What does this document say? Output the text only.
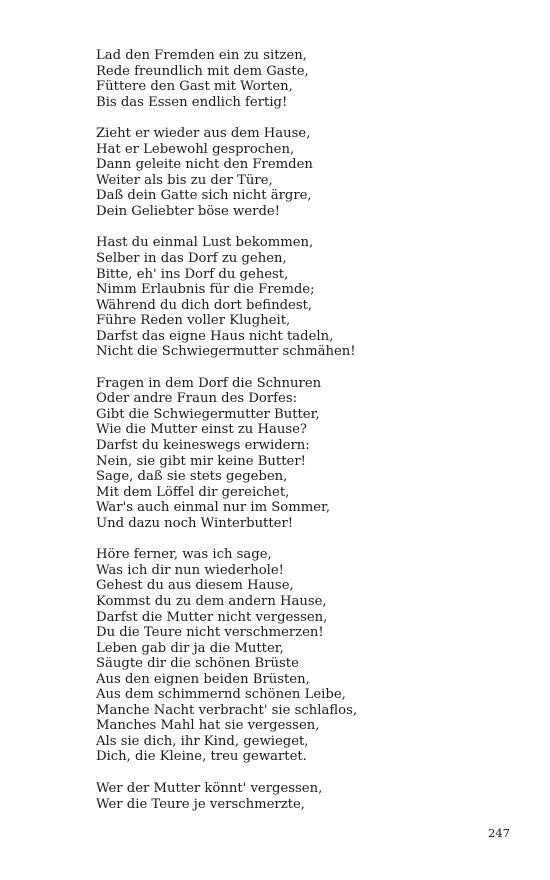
Lad den Fremden ein zu sitzen,
Rede freundlich mit dem Gaste,
Füttere den Gast mit Worten,
Bis das Essen endlich fertig!
Zieht er wieder aus dem Hause,
Hat er Lebewohl gesprochen,
Dann geleite nicht den Fremden
Weiter als bis zu der Türe,
Daß dein Gatte sich nicht ärgre,
Dein Geliebter böse werde!
Hast du einmal Lust bekommen,
Selber in das Dorf zu gehen,
Bitte, eh' ins Dorf du gehest,
Nimm Erlaubnis für die Fremde;
Während du dich dort befindest,
Führe Reden voller Klugheit,
Darfst das eigne Haus nicht tadeln,
Nicht die Schwiegermutter schmähen!
Fragen in dem Dorf die Schnuren
Oder andre Fraun des Dorfes:
Gibt die Schwiegermutter Butter,
Wie die Mutter einst zu Hause?
Darfst du keineswegs erwidern:
Nein, sie gibt mir keine Butter!
Sage, daß sie stets gegeben,
Mit dem Löffel dir gereichet,
War's auch einmal nur im Sommer,
Und dazu noch Winterbutter!
Höre ferner, was ich sage,
Was ich dir nun wiederhole!
Gehest du aus diesem Hause,
Kommst du zu dem andern Hause,
Darfst die Mutter nicht vergessen,
Du die Teure nicht verschmerzen!
Leben gab dir ja die Mutter,
Säugte dir die schönen Brüste
Aus den eignen beiden Brüsten,
Aus dem schimmernd schönen Leibe,
Manche Nacht verbracht' sie schlaflos,
Manches Mahl hat sie vergessen,
Als sie dich, ihr Kind, gewieget,
Dich, die Kleine, treu gewartet.
Wer der Mutter könnt' vergessen,
Wer die Teure je verschmerzte,
247
